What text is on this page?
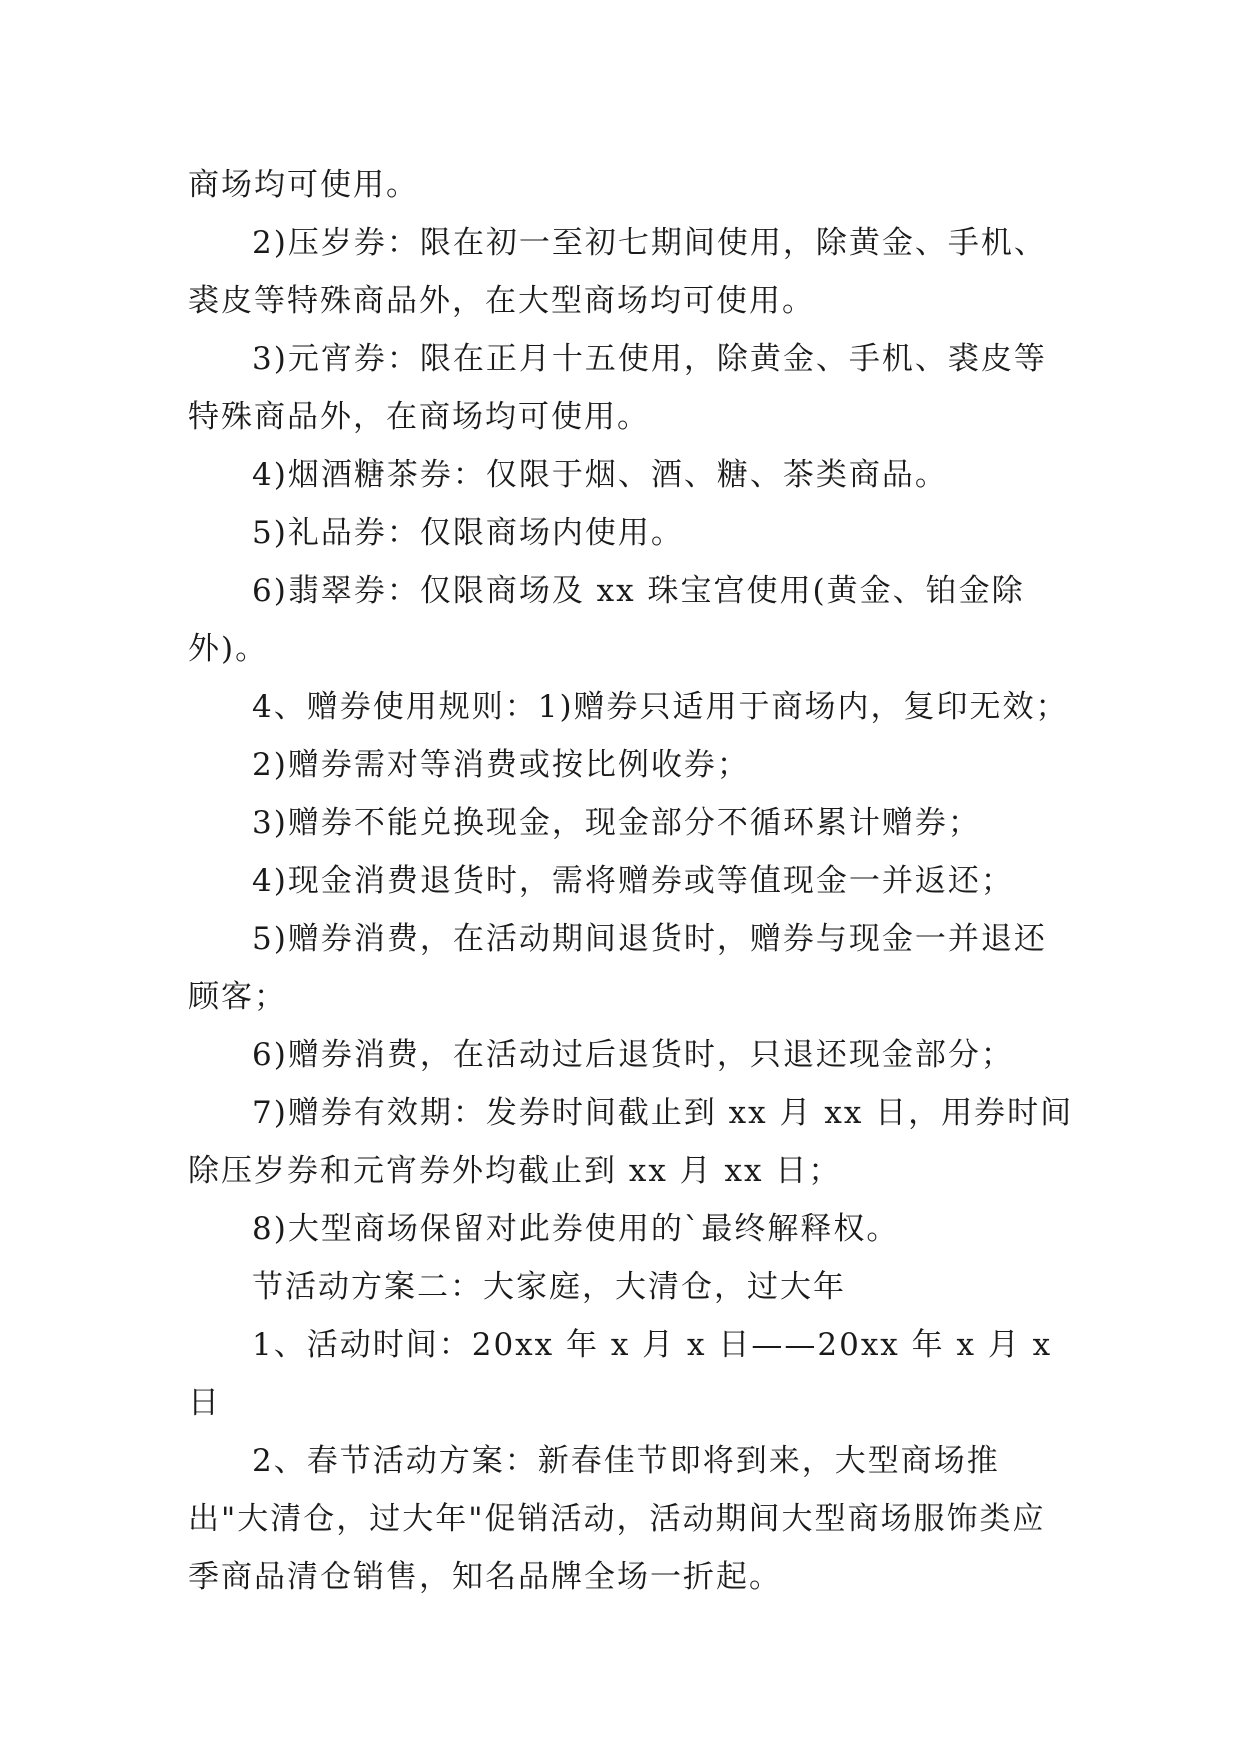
商场均可使用。

2)压岁券：限在初一至初七期间使用，除黄金、手机、裘皮等特殊商品外，在大型商场均可使用。

3)元宵券：限在正月十五使用，除黄金、手机、裘皮等特殊商品外，在商场均可使用。

4)烟酒糖茶券：仅限于烟、酒、糖、茶类商品。

5)礼品券：仅限商场内使用。

6)翡翠券：仅限商场及 xx 珠宝宫使用(黄金、铂金除外)。

4、赠券使用规则：1)赠券只适用于商场内，复印无效；

2)赠券需对等消费或按比例收券；

3)赠券不能兑换现金，现金部分不循环累计赠券；

4)现金消费退货时，需将赠券或等值现金一并返还；

5)赠券消费，在活动期间退货时，赠券与现金一并退还顾客；

6)赠券消费，在活动过后退货时，只退还现金部分；

7)赠券有效期：发券时间截止到 xx 月 xx 日，用券时间除压岁券和元宵券外均截止到 xx 月 xx 日；

8)大型商场保留对此券使用的`最终解释权。

节活动方案二：大家庭，大清仓，过大年

1、活动时间：20xx 年 x 月 x 日——20xx 年 x 月 x 日

2、春节活动方案：新春佳节即将到来，大型商场推出"大清仓，过大年"促销活动，活动期间大型商场服饰类应季商品清仓销售，知名品牌全场一折起。
